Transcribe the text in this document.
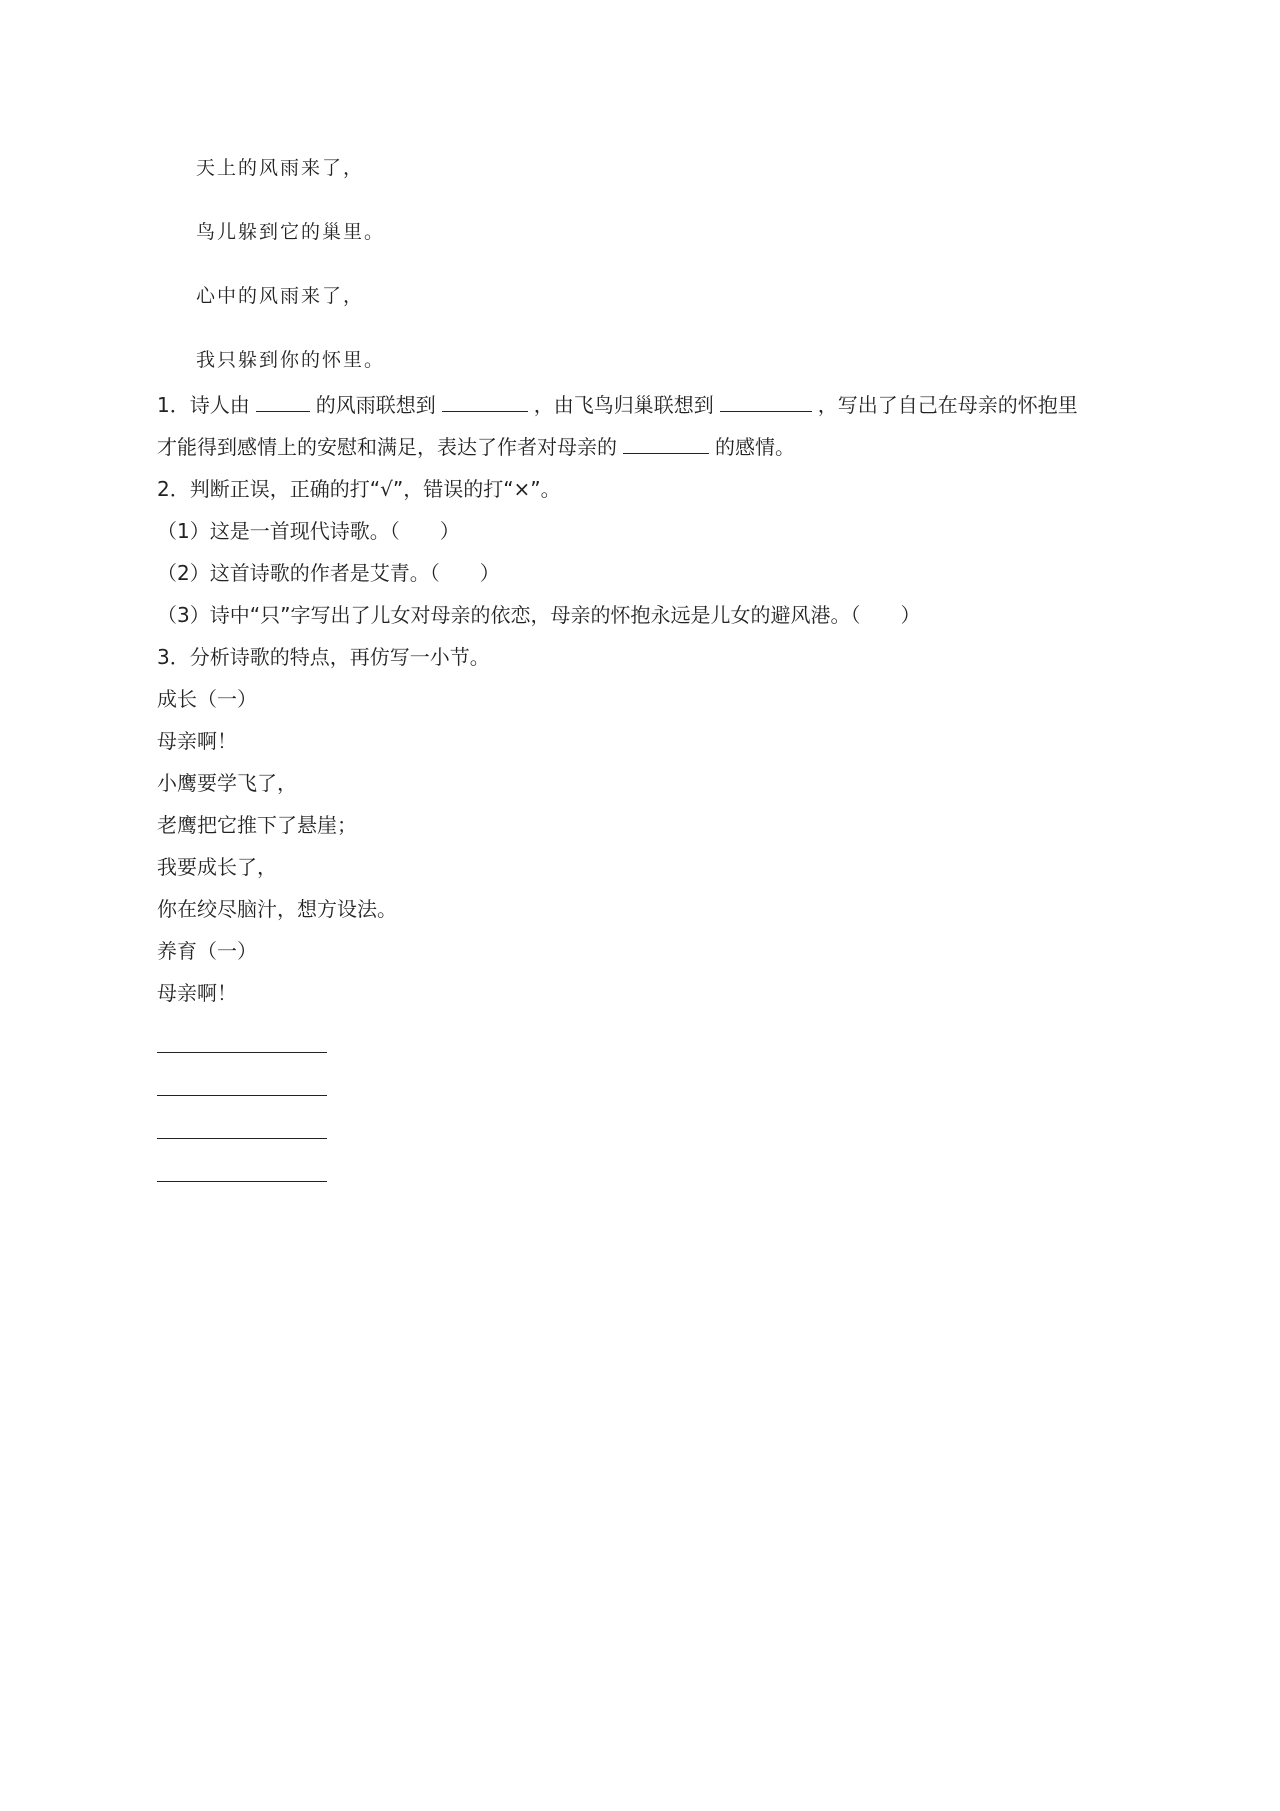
天上的风雨来了，
鸟儿躲到它的巢里。
心中的风雨来了，
我只躲到你的怀里。
1．诗人由	的风雨联想到	，由飞鸟归巢联想到	，写出了自己在母亲的怀抱里
才能得到感情上的安慰和满足，表达了作者对母亲的	的感情。
2．判断正误，正确的打“√”，错误的打“×”。
（1）这是一首现代诗歌。（　　）
（2）这首诗歌的作者是艾青。（　　）
（3）诗中“只”字写出了儿女对母亲的依恋，母亲的怀抱永远是儿女的避风港。（　　）
3．分析诗歌的特点，再仿写一小节。
成长（一）
母亲啊！
小鹰要学飞了，
老鹰把它推下了悬崖；
我要成长了，
你在绞尽脑汁，想方设法。
养育（一）
母亲啊！
